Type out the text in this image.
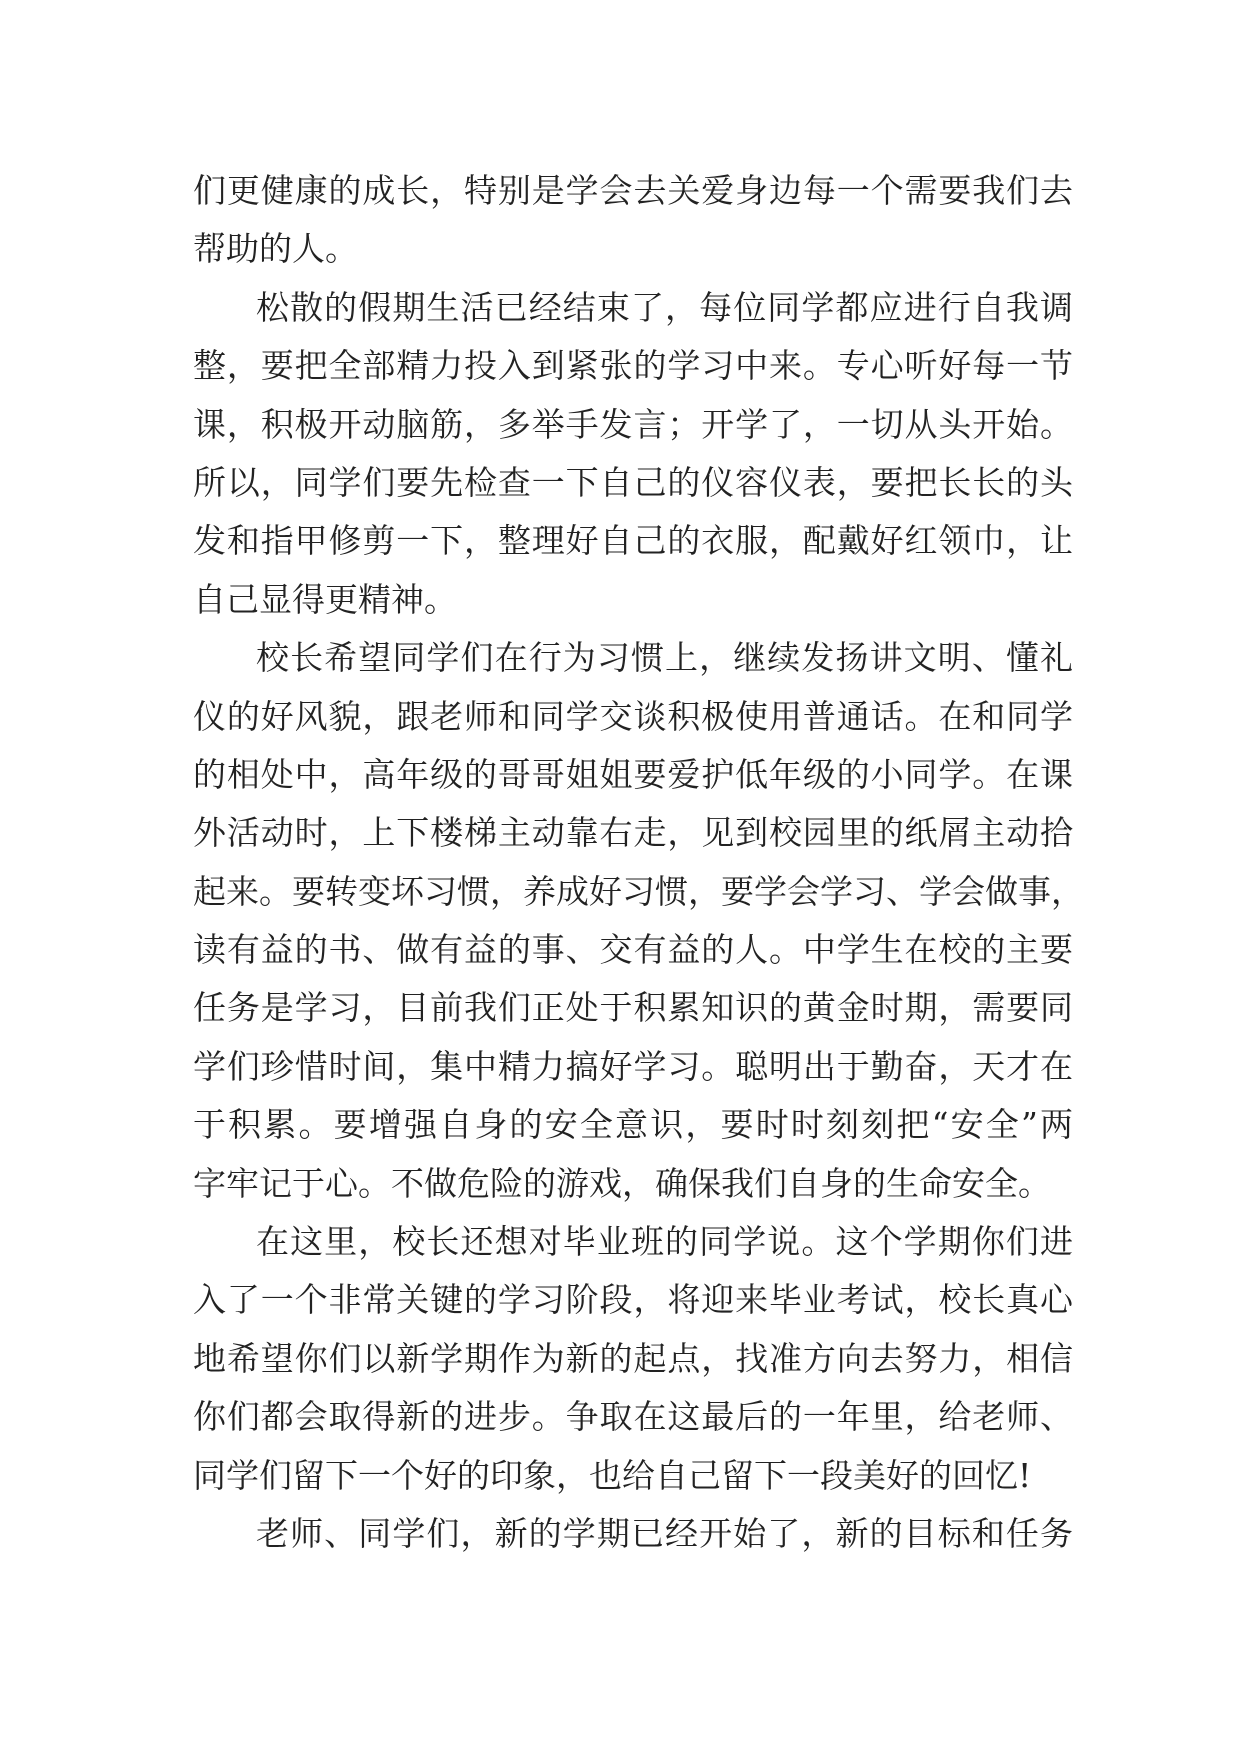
们更健康的成长，特别是学会去关爱身边每一个需要我们去
帮助的人。
松散的假期生活已经结束了，每位同学都应进行自我调
整，要把全部精力投入到紧张的学习中来。专心听好每一节
课，积极开动脑筋，多举手发言；开学了，一切从头开始。
所以，同学们要先检查一下自己的仪容仪表，要把长长的头
发和指甲修剪一下，整理好自己的衣服，配戴好红领巾，让
自己显得更精神。
校长希望同学们在行为习惯上，继续发扬讲文明、懂礼
仪的好风貌，跟老师和同学交谈积极使用普通话。在和同学
的相处中，高年级的哥哥姐姐要爱护低年级的小同学。在课
外活动时，上下楼梯主动靠右走，见到校园里的纸屑主动拾
起来。要转变坏习惯，养成好习惯，要学会学习、学会做事，
读有益的书、做有益的事、交有益的人。中学生在校的主要
任务是学习，目前我们正处于积累知识的黄金时期，需要同
学们珍惜时间，集中精力搞好学习。聪明出于勤奋，天才在
于积累。要增强自身的安全意识，要时时刻刻把“安全”两
字牢记于心。不做危险的游戏，确保我们自身的生命安全。
在这里，校长还想对毕业班的同学说。这个学期你们进
入了一个非常关键的学习阶段，将迎来毕业考试，校长真心
地希望你们以新学期作为新的起点，找准方向去努力，相信
你们都会取得新的进步。争取在这最后的一年里，给老师、
同学们留下一个好的印象，也给自己留下一段美好的回忆!
老师、同学们，新的学期已经开始了，新的目标和任务
